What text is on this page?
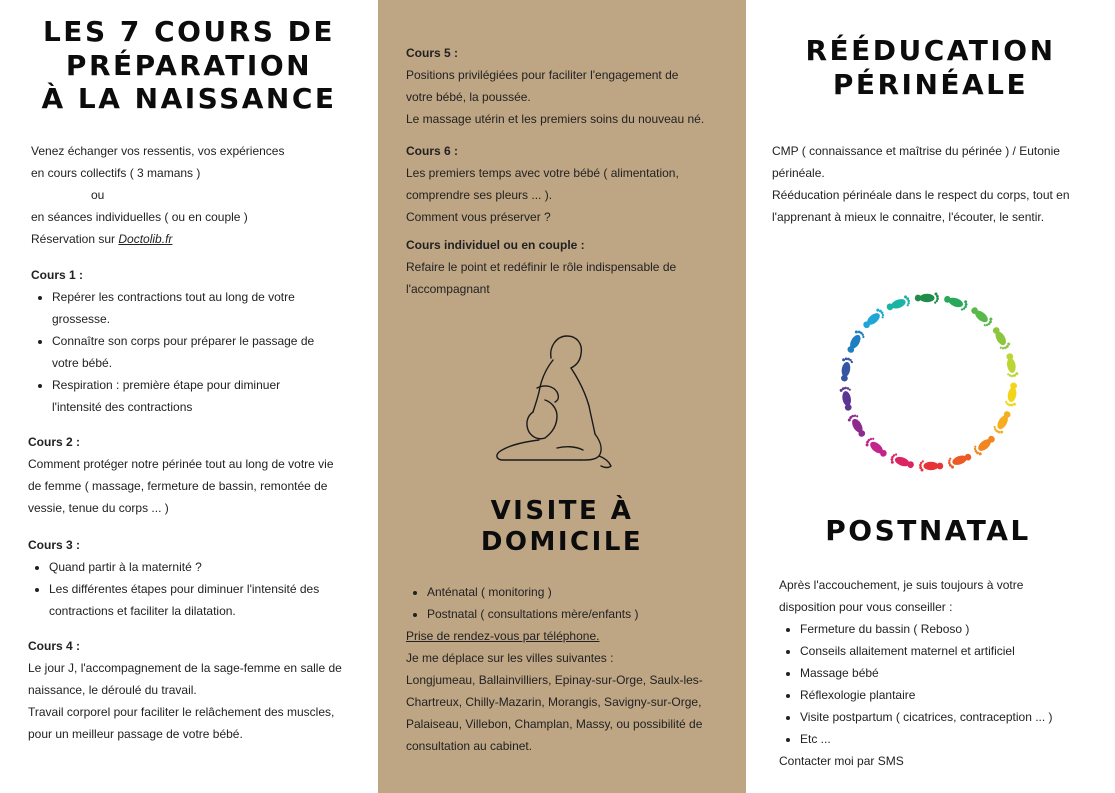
LES 7 COURS DE
PRÉPARATION
À LA NAISSANCE

Venez échanger vos ressentis, vos expériences

en cours collectifs ( 3 mamans )

ou

en séances individuelles ( ou en couple )

Réservation sur Doctolib.fr

Cours 1 :

• Repérer les contractions tout au long de votre grossesse.
• Connaître son corps pour préparer le passage de votre bébé.
• Respiration : première étape pour diminuer l'intensité des contractions

Cours 2 :

Comment protéger notre périnée tout au long de votre vie de femme ( massage, fermeture de bassin, remontée de vessie, tenue du corps ... )

Cours 3 :

• Quand partir à la maternité ?
• Les différentes étapes pour diminuer l'intensité des contractions et faciliter la dilatation.

Cours 4 :

Le jour J, l'accompagnement de la sage-femme en salle de naissance, le déroulé du travail.

Travail corporel pour faciliter le relâchement des muscles, pour un meilleur passage de votre bébé.

Cours 5 :

Positions privilégiées pour faciliter l'engagement de votre bébé, la poussée.

Le massage utérin et les premiers soins du nouveau né.

Cours 6 :

Les premiers temps avec votre bébé ( alimentation, comprendre ses pleurs ... ).

Comment vous préserver ?

Cours individuel ou en couple :

Refaire le point et redéfinir le rôle indispensable de l'accompagnant

VISITE À
DOMICILE
• Anténatal ( monitoring )
• Postnatal ( consultations mère/enfants )

Prise de rendez-vous par téléphone.

Je me déplace sur les villes suivantes :

Longjumeau, Ballainvilliers, Epinay-sur-Orge, Saulx-les-Chartreux, Chilly-Mazarin, Morangis, Savigny-sur-Orge, Palaiseau, Villebon, Champlan, Massy, ou possibilité de consultation au cabinet.

RÉÉDUCATION
PÉRINÉALE

CMP ( connaissance et maîtrise du périnée ) / Eutonie périnéale.

Rééducation périnéale dans le respect du corps, tout en l'apprenant à mieux le connaitre, l'écouter, le sentir.

POSTNATAL

Après l'accouchement, je suis toujours à votre disposition pour vous conseiller :

• Fermeture du bassin ( Reboso )
• Conseils allaitement maternel et artificiel
• Massage bébé
• Réflexologie plantaire
• Visite postpartum ( cicatrices, contraception ... )
• Etc ...

Contacter moi par SMS
